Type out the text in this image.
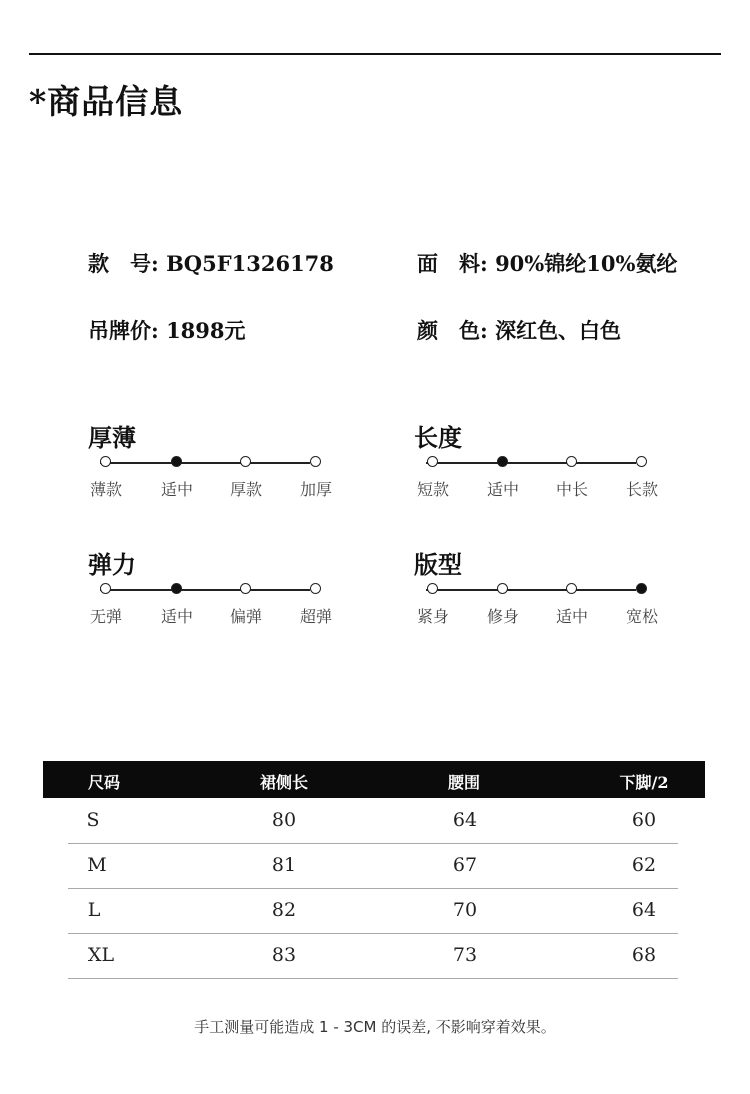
*商品信息
款　号: BQ5F1326178	面　料: 90%锦纶10%氨纶
吊牌价: 1898元	颜　色: 深红色、白色
厚薄
薄款 适中 厚款 加厚
长度
短款 适中 中长 长款
弹力
无弹 适中 偏弹 超弹
版型
紧身 修身 适中 宽松
尺码	裙侧长	腰围	下脚/2
S	80	64	60
M	81	67	62
L	82	70	64
XL	83	73	68
手工测量可能造成 1 - 3CM 的误差, 不影响穿着效果。
